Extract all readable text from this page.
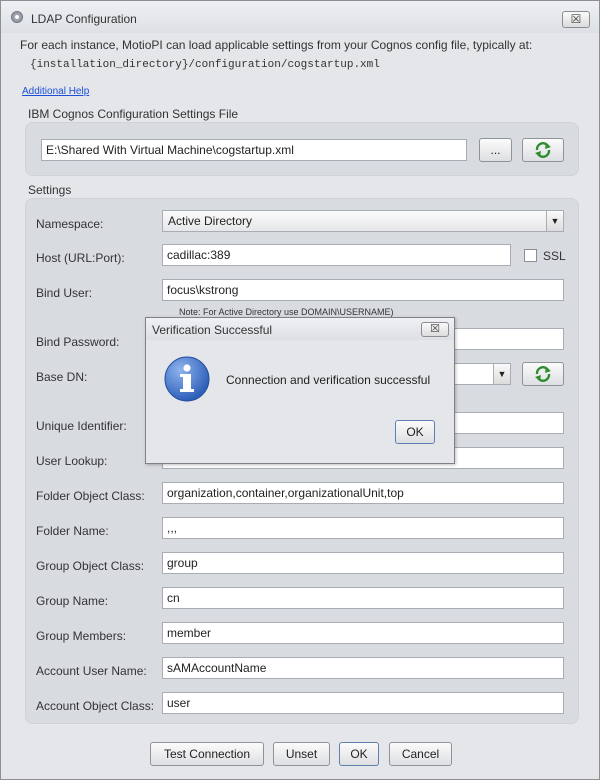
LDAP Configuration	☒
For each instance, MotioPI can load applicable settings from your Cognos config file, typically at:
{installation_directory}/configuration/cogstartup.xml
Additional Help
IBM Cognos Configuration Settings File
E:\Shared With Virtual Machine\cogstartup.xml	...
Settings
Namespace:	Active Directory	▼
Host (URL:Port):	cadillac:389	SSL
Bind User:	focus\kstrong
Note: For Active Directory use DOMAIN\USERNAME)
Bind Password:
Base DN:	▼
Unique Identifier:
User Lookup:
Folder Object Class:	organization,container,organizationalUnit,top
Folder Name:	,,,
Group Object Class:	group
Group Name:	cn
Group Members:	member
Account User Name:	sAMAccountName
Account Object Class:	user
Test Connection	Unset	OK	Cancel
Verification Successful	☒
Connection and verification successful
OK
